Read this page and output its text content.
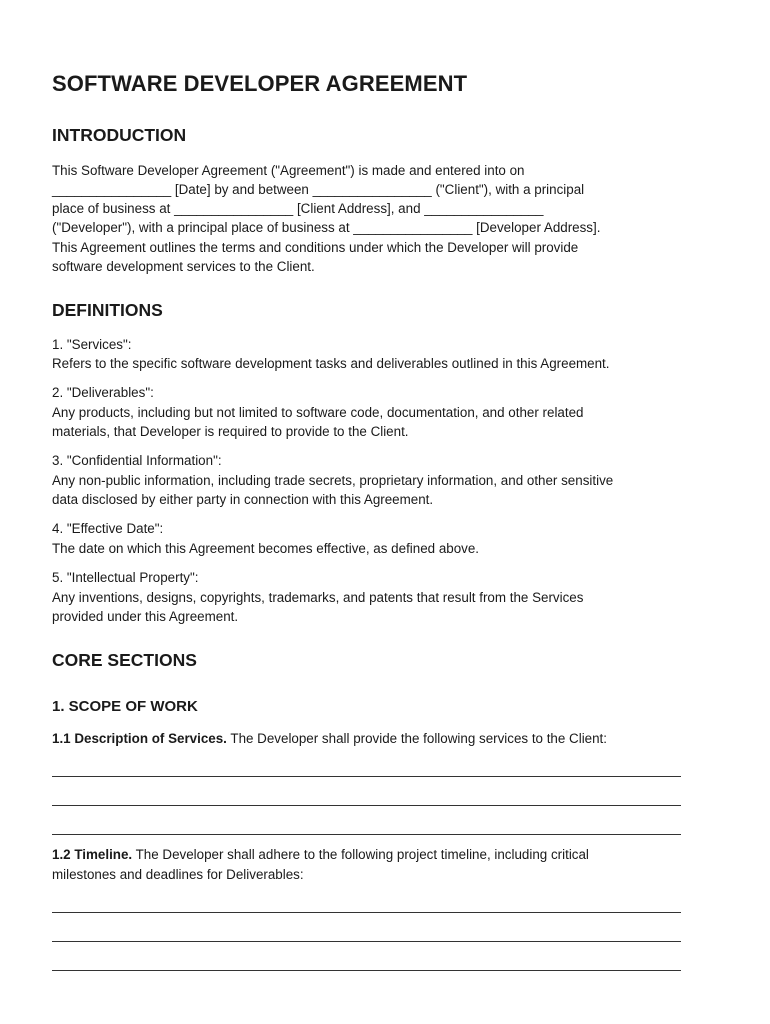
SOFTWARE DEVELOPER AGREEMENT
INTRODUCTION
This Software Developer Agreement ("Agreement") is made and entered into on
________________ [Date] by and between ________________ ("Client"), with a principal
place of business at ________________ [Client Address], and ________________
("Developer"), with a principal place of business at ________________ [Developer Address].
This Agreement outlines the terms and conditions under which the Developer will provide
software development services to the Client.
DEFINITIONS
1. "Services":
Refers to the specific software development tasks and deliverables outlined in this Agreement.
2. "Deliverables":
Any products, including but not limited to software code, documentation, and other related
materials, that Developer is required to provide to the Client.
3. "Confidential Information":
Any non-public information, including trade secrets, proprietary information, and other sensitive
data disclosed by either party in connection with this Agreement.
4. "Effective Date":
The date on which this Agreement becomes effective, as defined above.
5. "Intellectual Property":
Any inventions, designs, copyrights, trademarks, and patents that result from the Services
provided under this Agreement.
CORE SECTIONS
1. SCOPE OF WORK
1.1 Description of Services. The Developer shall provide the following services to the Client:
1.2 Timeline. The Developer shall adhere to the following project timeline, including critical
milestones and deadlines for Deliverables:
